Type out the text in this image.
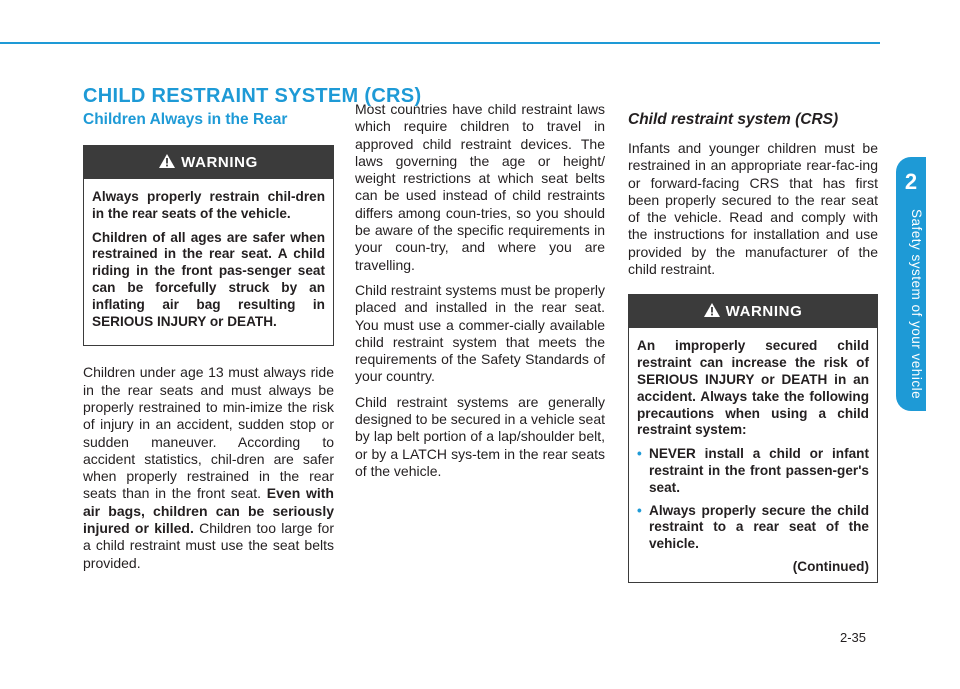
2
Safety system of your vehicle
CHILD RESTRAINT SYSTEM (CRS)
Children Always in the Rear
WARNING

Always properly restrain chil-dren in the rear seats of the vehicle.

Children of all ages are safer when restrained in the rear seat. A child riding in the front pas-senger seat can be forcefully struck by an inflating air bag resulting in SERIOUS INJURY or DEATH.

Children under age 13 must always ride in the rear seats and must always be properly restrained to min-imize the risk of injury in an accident, sudden stop or sudden maneuver. According to accident statistics, chil-dren are safer when properly restrained in the rear seats than in the front seat. Even with air bags, children can be seriously injured or killed. Children too large for a child restraint must use the seat belts provided.

Most countries have child restraint laws which require children to travel in approved child restraint devices. The laws governing the age or height/ weight restrictions at which seat belts can be used instead of child restraints differs among coun-tries, so you should be aware of the specific requirements in your coun-try, and where you are travelling.

Child restraint systems must be properly placed and installed in the rear seat. You must use a commer-cially available child restraint system that meets the requirements of the Safety Standards of your country.

Child restraint systems are generally designed to be secured in a vehicle seat by lap belt portion of a lap/shoulder belt, or by a LATCH sys-tem in the rear seats of the vehicle.

Child restraint system (CRS)

Infants and younger children must be restrained in an appropriate rear-fac-ing or forward-facing CRS that has first been properly secured to the rear seat of the vehicle. Read and comply with the instructions for installation and use provided by the manufacturer of the child restraint.

WARNING

An improperly secured child restraint can increase the risk of SERIOUS INJURY or DEATH in an accident. Always take the following precautions when using a child restraint system:

• NEVER install a child or infant restraint in the front passen-ger's seat.
• Always properly secure the child restraint to a rear seat of the vehicle.
(Continued)
2-35
